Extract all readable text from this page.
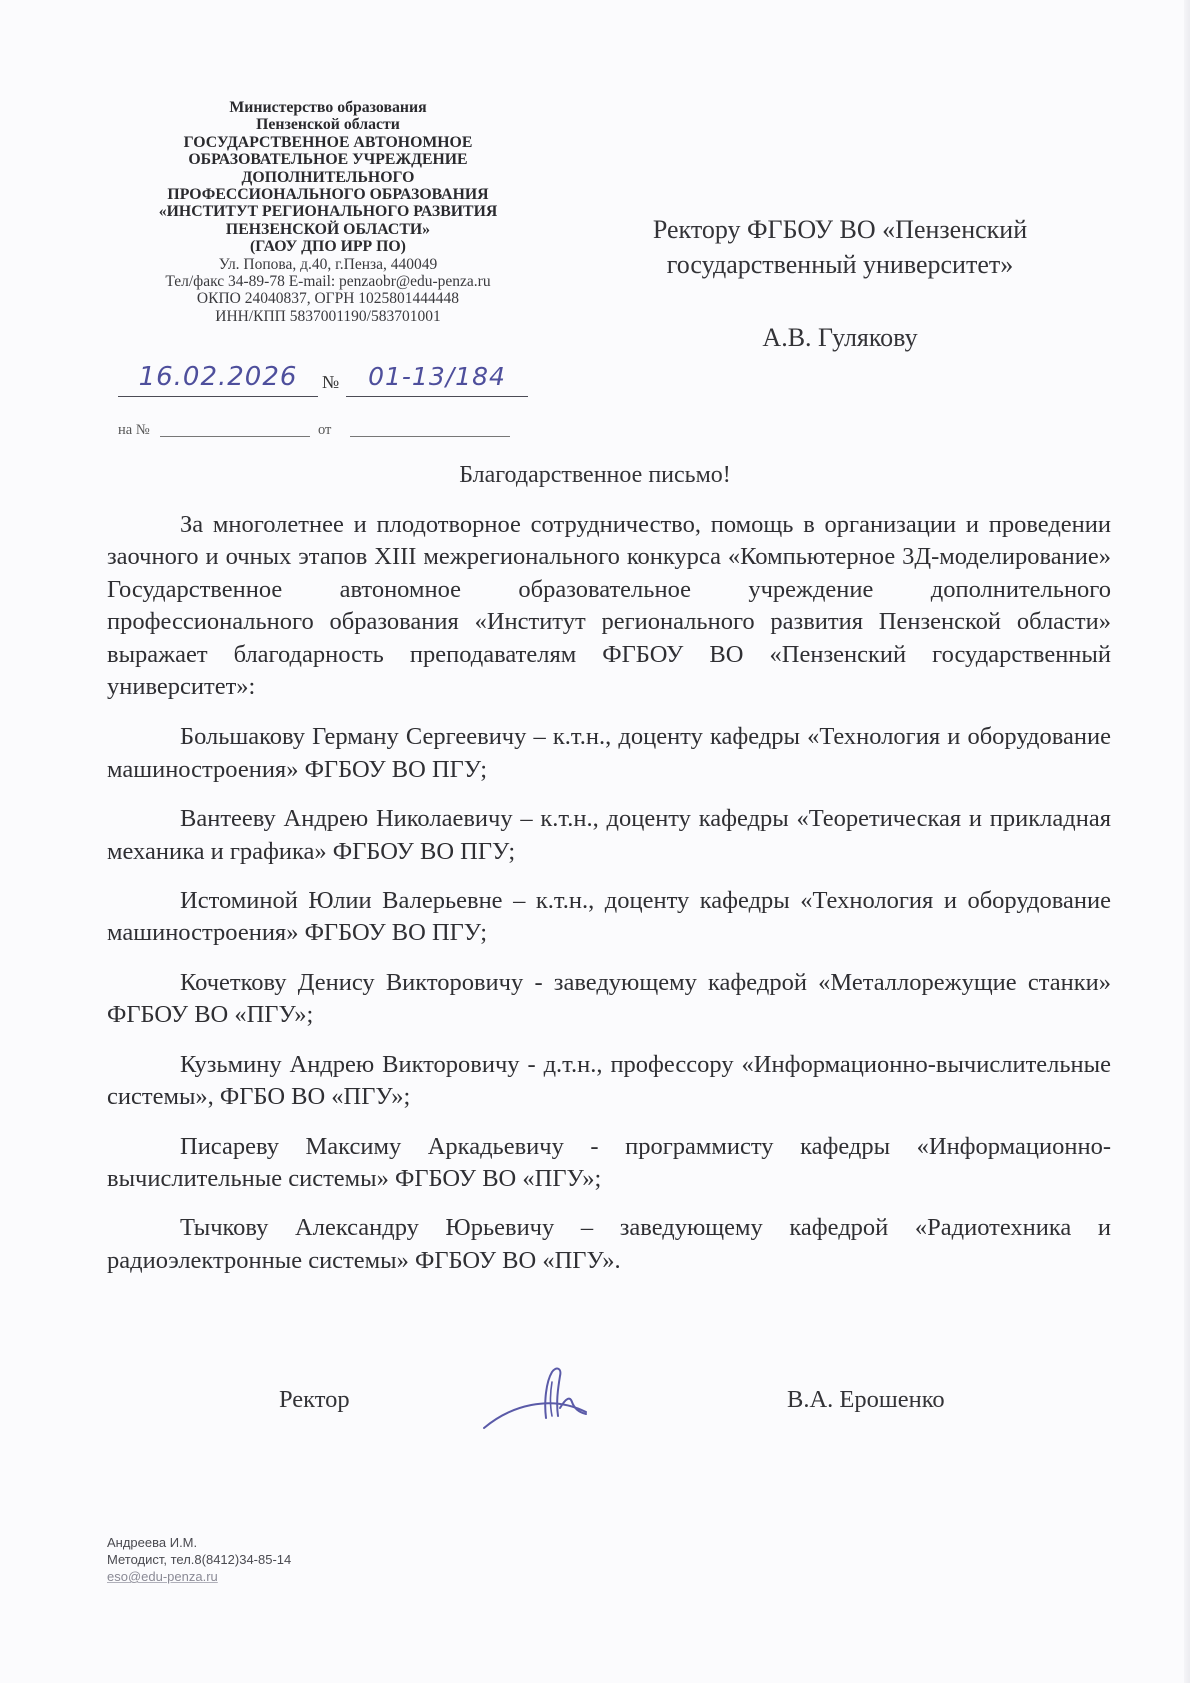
Министерство образования
Пензенской области
ГОСУДАРСТВЕННОЕ АВТОНОМНОЕ
ОБРАЗОВАТЕЛЬНОЕ УЧРЕЖДЕНИЕ
ДОПОЛНИТЕЛЬНОГО
ПРОФЕССИОНАЛЬНОГО ОБРАЗОВАНИЯ
«ИНСТИТУТ РЕГИОНАЛЬНОГО РАЗВИТИЯ
ПЕНЗЕНСКОЙ ОБЛАСТИ»
(ГАОУ ДПО ИРР ПО)
Ул. Попова, д.40, г.Пенза, 440049
Тел/факс 34-89-78 E-mail: penzaobr@edu-penza.ru
ОКПО 24040837, ОГРН 1025801444448
ИНН/КПП 5837001190/583701001
16.02.2026	№	01-13/184
на №	от
Ректору ФГБОУ ВО «Пензенский
государственный университет»
А.В. Гулякову
Благодарственное письмо!

За многолетнее и плодотворное сотрудничество, помощь в организации и проведении заочного и очных этапов XIII межрегионального конкурса «Компьютерное 3Д-моделирование» Государственное автономное образовательное учреждение дополнительного профессионального образования «Институт регионального развития Пензенской области» выражает благодарность преподавателям ФГБОУ ВО «Пензенский государственный университет»:

Большакову Герману Сергеевичу – к.т.н., доценту кафедры «Технология и оборудование машиностроения» ФГБОУ ВО ПГУ;

Вантееву Андрею Николаевичу – к.т.н., доценту кафедры «Теоретическая и прикладная механика и графика» ФГБОУ ВО ПГУ;

Истоминой Юлии Валерьевне – к.т.н., доценту кафедры «Технология и оборудование машиностроения» ФГБОУ ВО ПГУ;

Кочеткову Денису Викторовичу - заведующему кафедрой «Металлорежущие станки» ФГБОУ ВО «ПГУ»;

Кузьмину Андрею Викторовичу - д.т.н., профессору «Информационно-вычислительные системы», ФГБО ВО «ПГУ»;

Писареву Максиму Аркадьевичу - программисту кафедры «Информационно-вычислительные системы» ФГБОУ ВО «ПГУ»;

Тычкову Александру Юрьевичу – заведующему кафедрой «Радиотехника и радиоэлектронные системы» ФГБОУ ВО «ПГУ».

Ректор	В.А. Ерошенко
Андреева И.М.
Методист, тел.8(8412)34-85-14
eso@edu-penza.ru
